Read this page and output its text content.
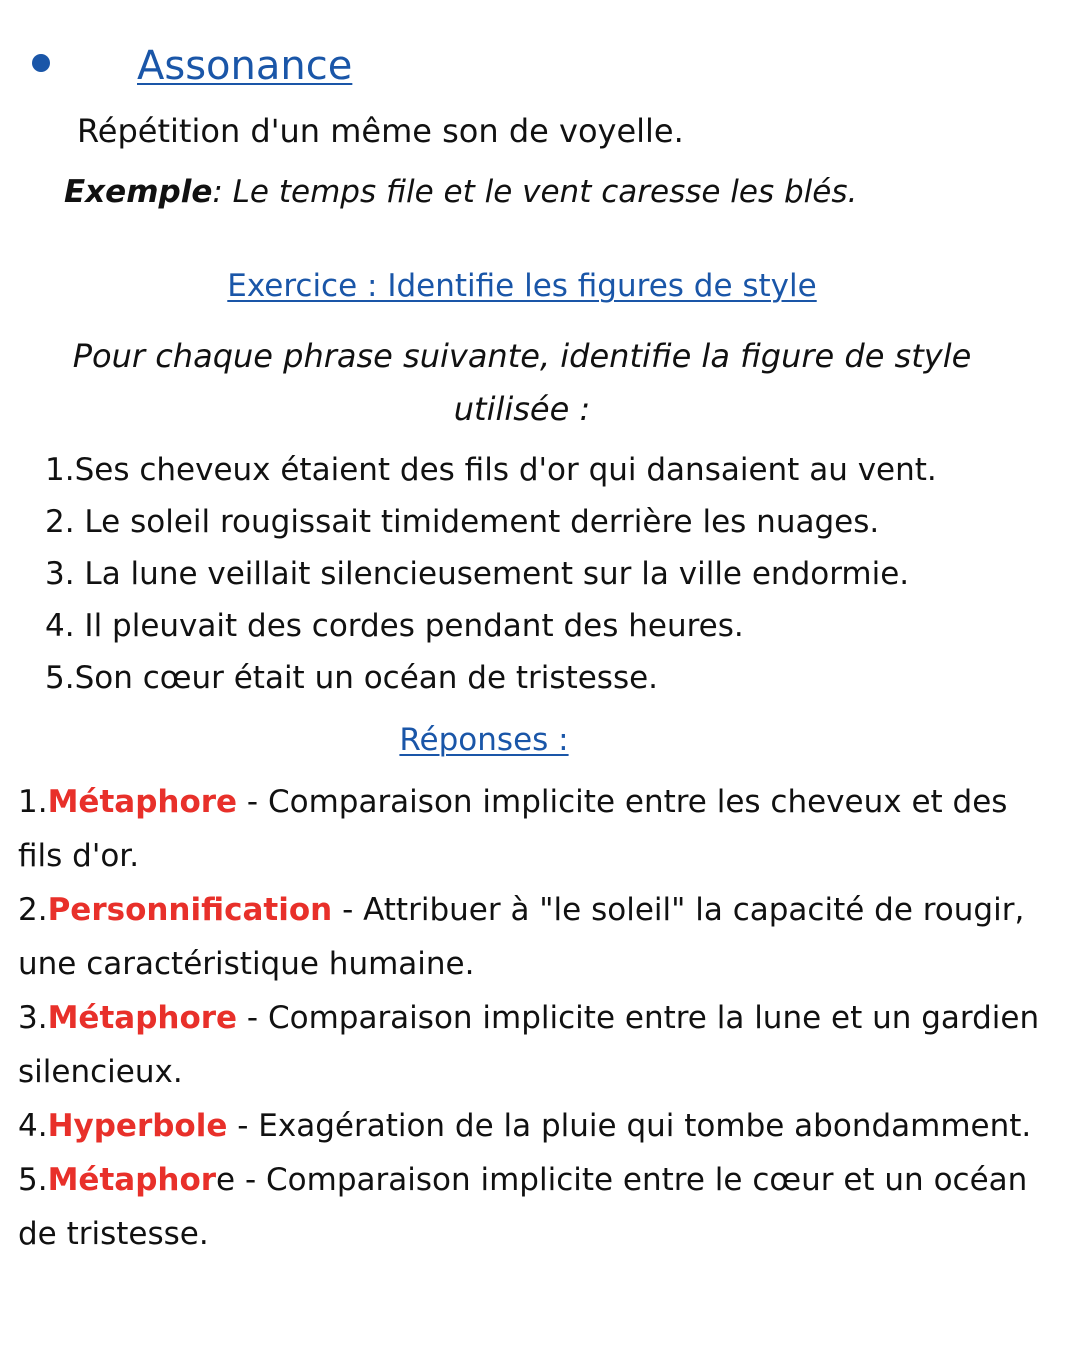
Assonance
Répétition d'un même son de voyelle.
Exemple: Le temps file et le vent caresse les blés.
Exercice : Identifie les figures de style
Pour chaque phrase suivante, identifie la figure de style utilisée :
1.Ses cheveux étaient des fils d'or qui dansaient au vent.
2. Le soleil rougissait timidement derrière les nuages.
3. La lune veillait silencieusement sur la ville endormie.
4. Il pleuvait des cordes pendant des heures.
5.Son cœur était un océan de tristesse.
Réponses :
1.Métaphore - Comparaison implicite entre les cheveux et des fils d'or.
2.Personnification - Attribuer à "le soleil" la capacité de rougir, une caractéristique humaine.
3.Métaphore - Comparaison implicite entre la lune et un gardien silencieux.
4.Hyperbole - Exagération de la pluie qui tombe abondamment.
5.Métaphore - Comparaison implicite entre le cœur et un océan de tristesse.
